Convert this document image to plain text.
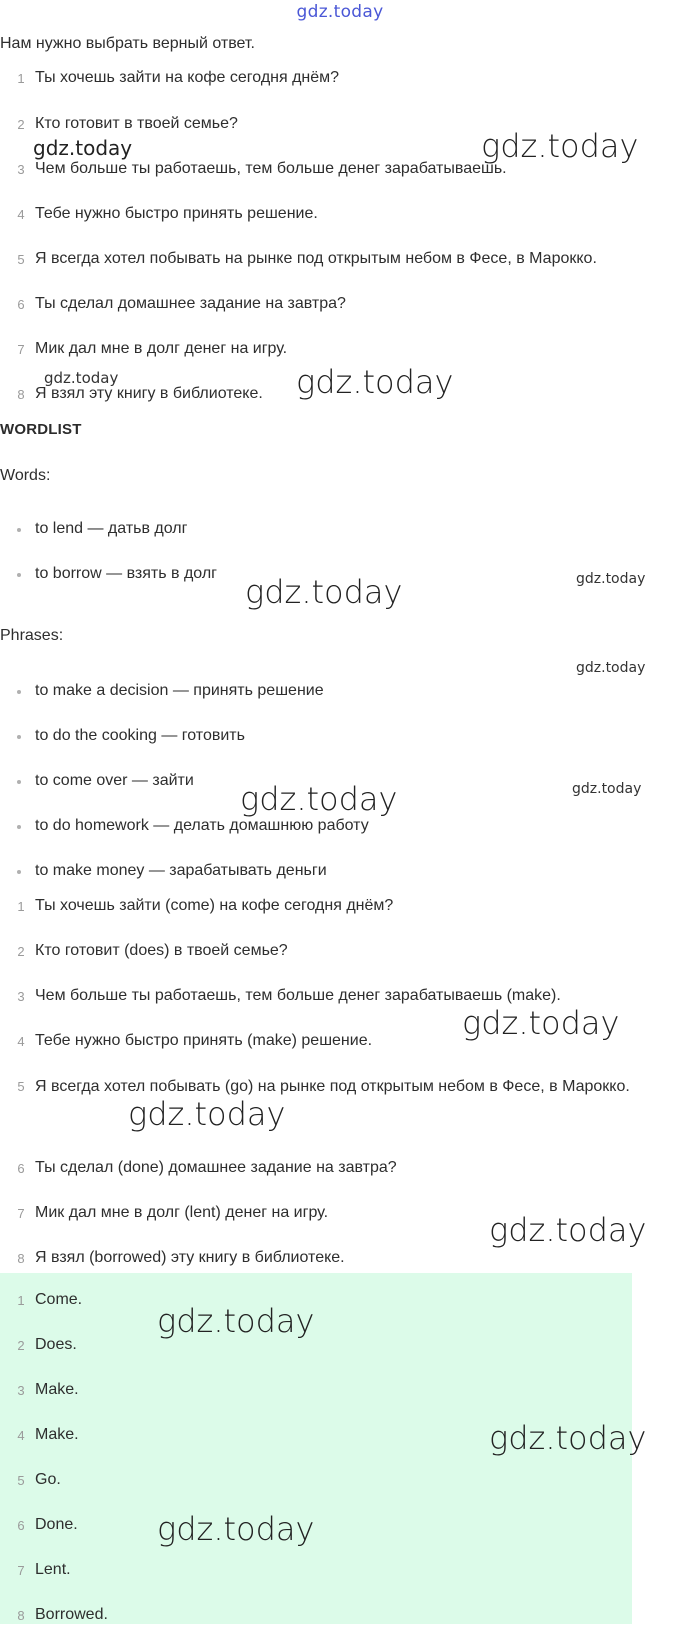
gdz.today
Нам нужно выбрать верный ответ.
1 Ты хочешь зайти на кофе сегодня днём?
2 Кто готовит в твоей семье?
3 Чем больше ты работаешь, тем больше денег зарабатываешь.
4 Тебе нужно быстро принять решение.
5 Я всегда хотел побывать на рынке под открытым небом в Фесе, в Марокко.
6 Ты сделал домашнее задание на завтра?
7 Мик дал мне в долг денег на игру.
8 Я взял эту книгу в библиотеке.
WORDLIST
Words:
to lend — датьв долг
to borrow — взять в долг
Phrases:
to make a decision — принять решение
to do the cooking — готовить
to come over — зайти
to do homework — делать домашнюю работу
to make money — зарабатывать деньги
1 Ты хочешь зайти (come) на кофе сегодня днём?
2 Кто готовит (does) в твоей семье?
3 Чем больше ты работаешь, тем больше денег зарабатываешь (make).
4 Тебе нужно быстро принять (make) решение.
5 Я всегда хотел побывать (go) на рынке под открытым небом в Фесе, в Марокко.
6 Ты сделал (done) домашнее задание на завтра?
7 Мик дал мне в долг (lent) денег на игру.
8 Я взял (borrowed) эту книгу в библиотеке.
1 Come.
2 Does.
3 Make.
4 Make.
5 Go.
6 Done.
7 Lent.
8 Borrowed.
gdz.today	gdz.today
gdz.today	gdz.today
gdz.today	gdz.today
gdz.today
gdz.today	gdz.today
gdz.today
gdz.today
gdz.today
gdz.today
gdz.today
gdz.today
